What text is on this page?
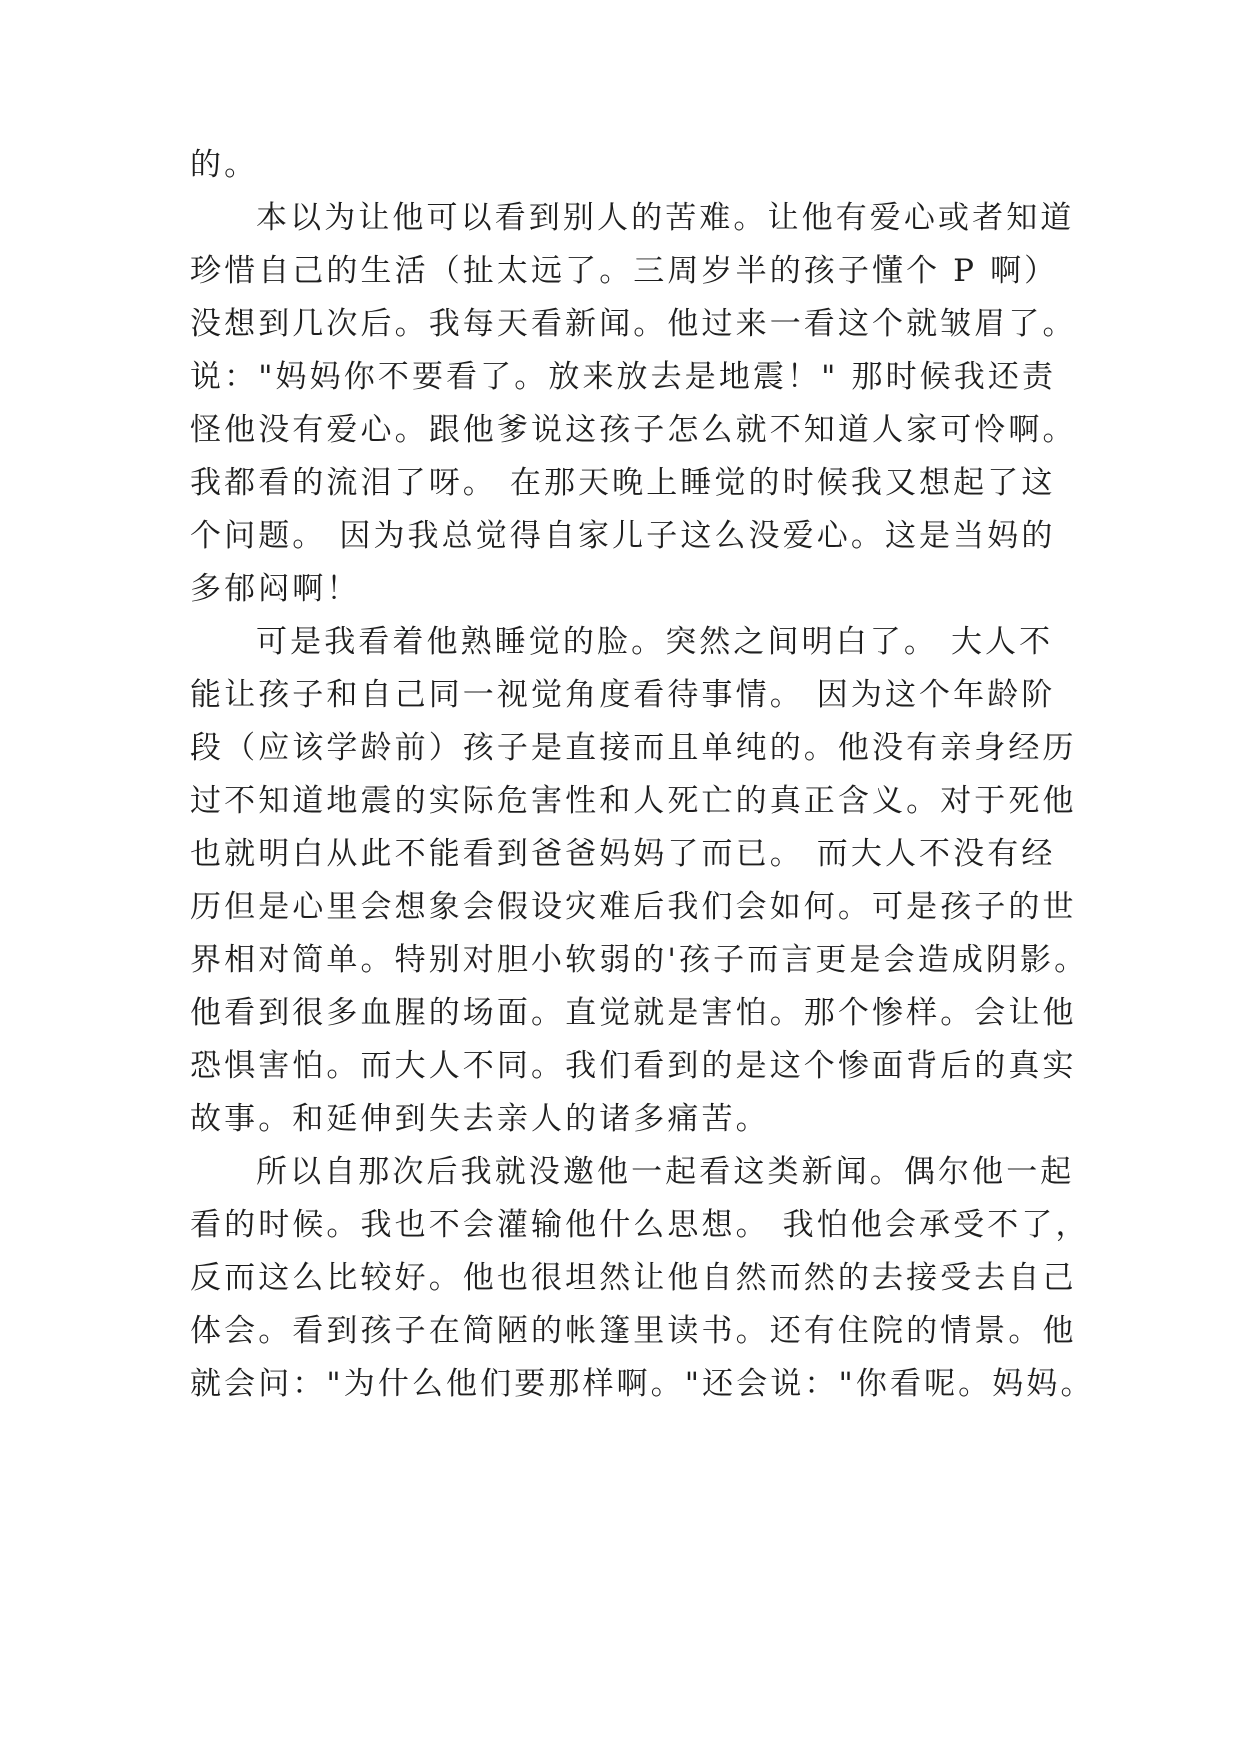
的。
本以为让他可以看到别人的苦难。让他有爱心或者知道
珍惜自己的生活（扯太远了。三周岁半的孩子懂个 P 啊）
没想到几次后。我每天看新闻。他过来一看这个就皱眉了。
说："妈妈你不要看了。放来放去是地震！" 那时候我还责
怪他没有爱心。跟他爹说这孩子怎么就不知道人家可怜啊。
我都看的流泪了呀。 在那天晚上睡觉的时候我又想起了这
个问题。 因为我总觉得自家儿子这么没爱心。这是当妈的
多郁闷啊！
可是我看着他熟睡觉的脸。突然之间明白了。 大人不
能让孩子和自己同一视觉角度看待事情。 因为这个年龄阶
段（应该学龄前）孩子是直接而且单纯的。他没有亲身经历
过不知道地震的实际危害性和人死亡的真正含义。对于死他
也就明白从此不能看到爸爸妈妈了而已。 而大人不没有经
历但是心里会想象会假设灾难后我们会如何。可是孩子的世
界相对简单。特别对胆小软弱的'孩子而言更是会造成阴影。
他看到很多血腥的场面。直觉就是害怕。那个惨样。会让他
恐惧害怕。而大人不同。我们看到的是这个惨面背后的真实
故事。和延伸到失去亲人的诸多痛苦。
所以自那次后我就没邀他一起看这类新闻。偶尔他一起
看的时候。我也不会灌输他什么思想。 我怕他会承受不了，
反而这么比较好。他也很坦然让他自然而然的去接受去自己
体会。看到孩子在简陋的帐篷里读书。还有住院的情景。他
就会问："为什么他们要那样啊。"还会说："你看呢。妈妈。
